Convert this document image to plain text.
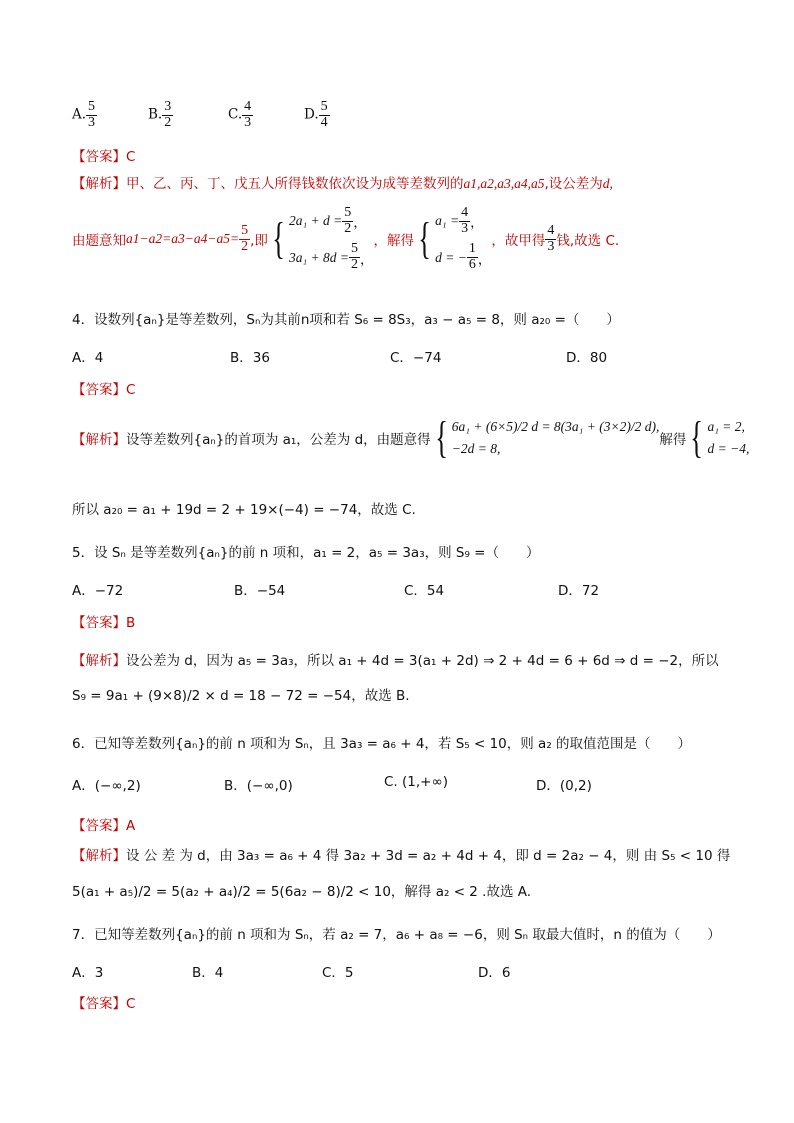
A. $\frac{5}{3}$	B. $\frac{3}{2}$	C. $\frac{4}{3}$	D. $\frac{5}{4}$
【答案】C
【解析】甲、乙、丙、丁、戊五人所得钱数依次设为成等差数列的a1,a2,a3,a4,a5,设公差为d,
由题意知 $a1-a2=a3-a4-a5= \frac{5}{2}$ ,即 { $2a_1 + d = \frac{5}{2}$ ，
$3a_1 + 8d = \frac{5}{2}$ ，
，解得 { $a_1 = \frac{4}{3}$ ，
d = − $\frac{1}{6}$ ，
，故甲得 $\frac{4}{3}$ 钱,故选 C.
4．设数列{aₙ}是等差数列，Sₙ为其前n项和若 S₆ = 8S₃，a₃ − a₅ = 8，则 a₂₀ =（　　）
A．4	B．36	C．−74	D．80
【答案】C
【解析】 设等差数列{aₙ}的首项为 a₁，公差为 d，由题意得 { 6a₁ + (6×5)/2 d = 8(3a₁ + (3×2)/2 d),
−2d = 8,
解得 { a₁ = 2,
d = −4,
所以 a₂₀ = a₁ + 19d = 2 + 19×(−4) = −74，故选 C.
5．设 Sₙ 是等差数列{aₙ}的前 n 项和，a₁ = 2，a₅ = 3a₃，则 S₉ =（　　）
A．−72	B．−54	C．54	D．72
【答案】B
【解析】设公差为 d，因为 a₅ = 3a₃，所以 a₁ + 4d = 3(a₁ + 2d) ⇒ 2 + 4d = 6 + 6d ⇒ d = −2，所以
S₉ = 9a₁ + (9×8)/2 × d = 18 − 72 = −54，故选 B.
6．已知等差数列{aₙ}的前 n 项和为 Sₙ，且 3a₃ = a₆ + 4，若 S₅ < 10，则 a₂ 的取值范围是（　　）
A．(−∞,2)	B．(−∞,0)	C. (1,+∞)	D．(0,2)
【答案】A
【解析】设 公 差 为 d，由 3a₃ = a₆ + 4 得 3a₂ + 3d = a₂ + 4d + 4，即 d = 2a₂ − 4，则 由 S₅ < 10 得
5(a₁ + a₅)/2 = 5(a₂ + a₄)/2 = 5(6a₂ − 8)/2 < 10，解得 a₂ < 2 .故选 A.
7．已知等差数列{aₙ}的前 n 项和为 Sₙ，若 a₂ = 7，a₆ + a₈ = −6，则 Sₙ 取最大值时，n 的值为（　　）
A．3	B．4	C．5	D．6
【答案】C
